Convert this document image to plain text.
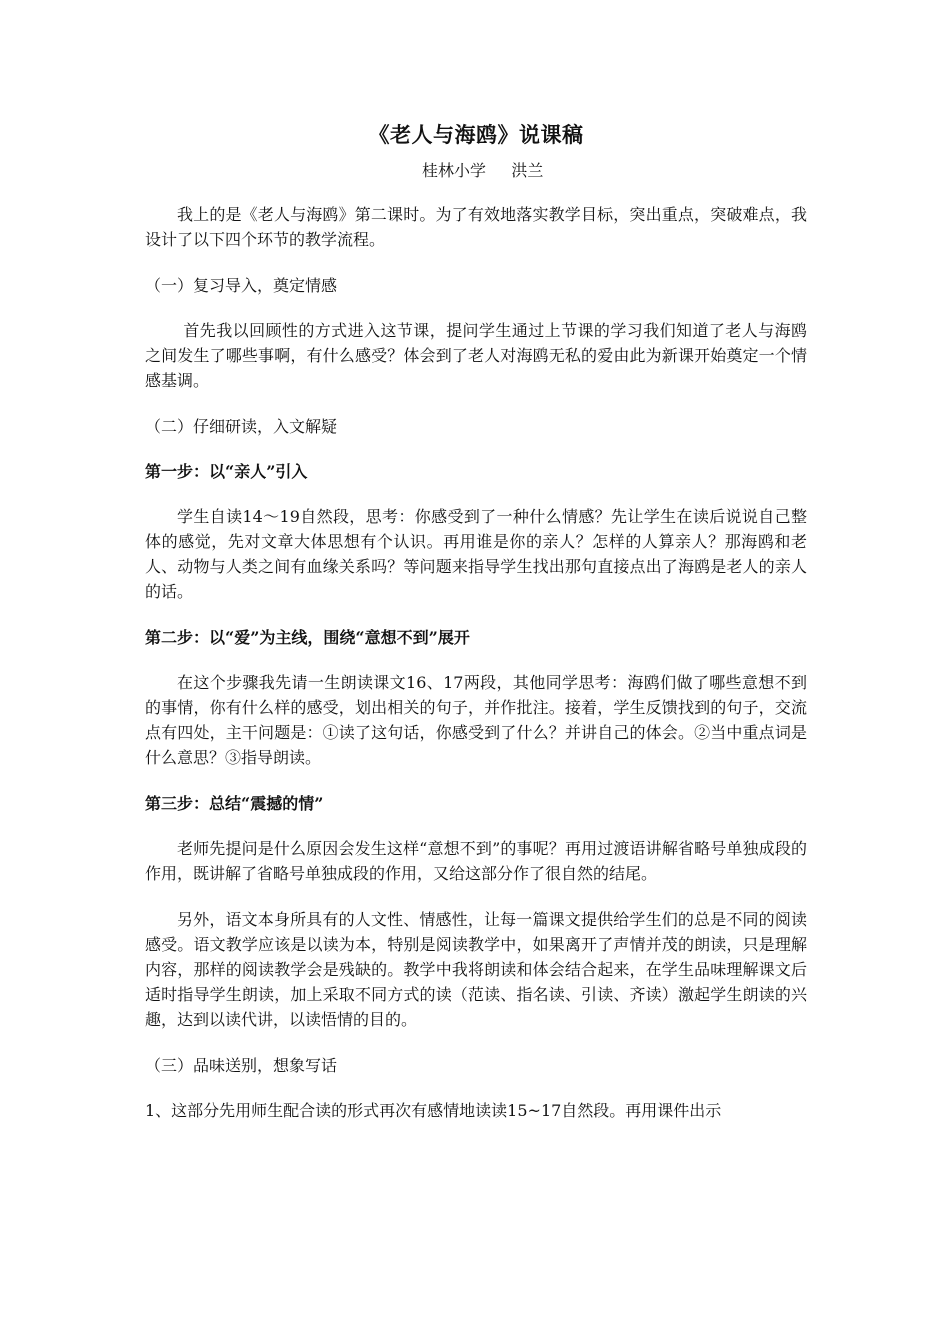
《老人与海鸥》说课稿
桂林小学     洪兰

我上的是《老人与海鸥》第二课时。为了有效地落实教学目标，突出重点，突破难点，我设计了以下四个环节的教学流程。

（一）复习导入，奠定情感

首先我以回顾性的方式进入这节课，提问学生通过上节课的学习我们知道了老人与海鸥之间发生了哪些事啊，有什么感受？体会到了老人对海鸥无私的爱由此为新课开始奠定一个情感基调。

（二）仔细研读，入文解疑
第一步：以“亲人”引入

学生自读14～19自然段，思考：你感受到了一种什么情感？先让学生在读后说说自己整体的感觉，先对文章大体思想有个认识。再用谁是你的亲人？怎样的人算亲人？那海鸥和老人、动物与人类之间有血缘关系吗？等问题来指导学生找出那句直接点出了海鸥是老人的亲人的话。

第二步：以“爱”为主线，围绕“意想不到”展开

在这个步骤我先请一生朗读课文16、17两段，其他同学思考：海鸥们做了哪些意想不到的事情，你有什么样的感受，划出相关的句子，并作批注。接着，学生反馈找到的句子，交流点有四处，主干问题是：①读了这句话，你感受到了什么？并讲自己的体会。②当中重点词是什么意思？③指导朗读。

第三步：总结“震撼的情”

老师先提问是什么原因会发生这样“意想不到”的事呢？再用过渡语讲解省略号单独成段的作用，既讲解了省略号单独成段的作用，又给这部分作了很自然的结尾。

另外，语文本身所具有的人文性、情感性，让每一篇课文提供给学生们的总是不同的阅读感受。语文教学应该是以读为本，特别是阅读教学中，如果离开了声情并茂的朗读，只是理解内容，那样的阅读教学会是残缺的。教学中我将朗读和体会结合起来，在学生品味理解课文后适时指导学生朗读，加上采取不同方式的读（范读、指名读、引读、齐读）激起学生朗读的兴趣，达到以读代讲，以读悟情的目的。

（三）品味送别，想象写话

1、这部分先用师生配合读的形式再次有感情地读读15~17自然段。再用课件出示
